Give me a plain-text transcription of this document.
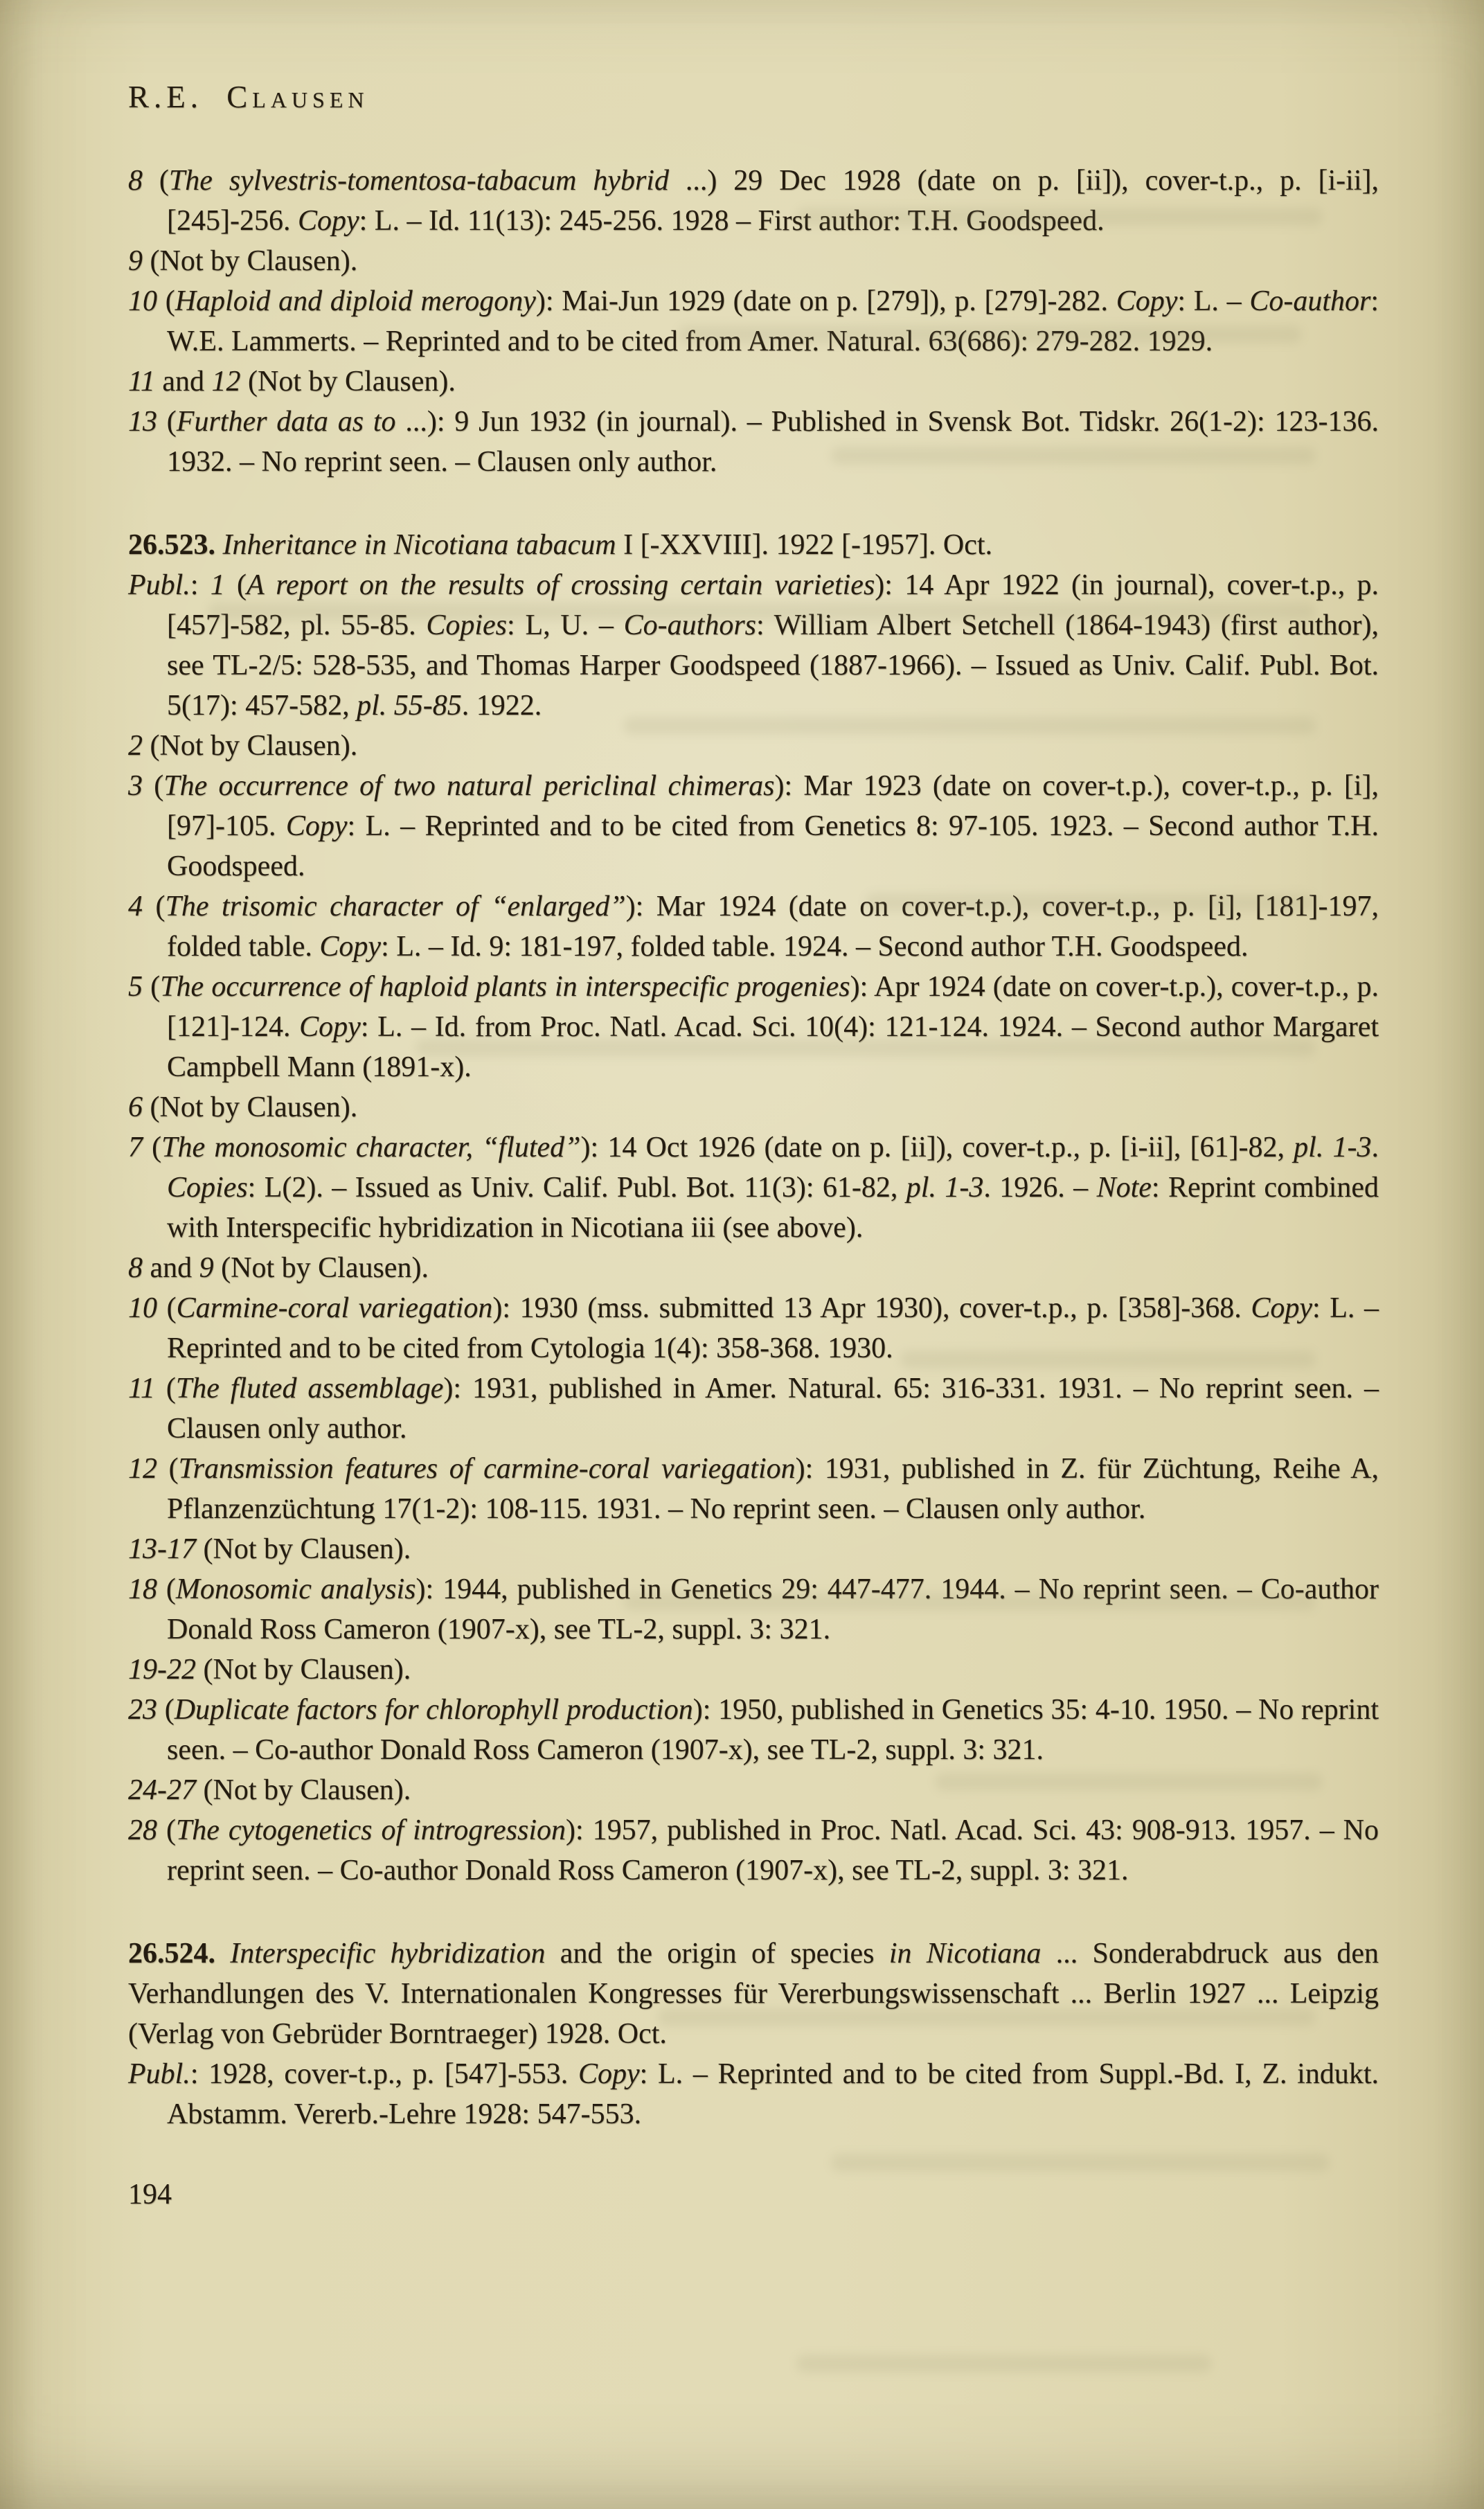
R.E. Clausen

8 (The sylvestris-tomentosa-tabacum hybrid ...) 29 Dec 1928 (date on p. [ii]), cover-t.p., p. [i-ii], [245]-256. Copy: L. – Id. 11(13): 245-256. 1928 – First author: T.H. Goodspeed.

9 (Not by Clausen).

10 (Haploid and diploid merogony): Mai-Jun 1929 (date on p. [279]), p. [279]-282. Copy: L. – Co-author: W.E. Lammerts. – Reprinted and to be cited from Amer. Natural. 63(686): 279-282. 1929.

11 and 12 (Not by Clausen).

13 (Further data as to ...): 9 Jun 1932 (in journal). – Published in Svensk Bot. Tidskr. 26(1-2): 123-136. 1932. – No reprint seen. – Clausen only author.

26.523. Inheritance in Nicotiana tabacum I [-XXVIII]. 1922 [-1957]. Oct.

Publ.: 1 (A report on the results of crossing certain varieties): 14 Apr 1922 (in journal), cover-t.p., p. [457]-582, pl. 55-85. Copies: L, U. – Co-authors: William Albert Setchell (1864-1943) (first author), see TL-2/5: 528-535, and Thomas Harper Goodspeed (1887-1966). – Issued as Univ. Calif. Publ. Bot. 5(17): 457-582, pl. 55-85. 1922.

2 (Not by Clausen).

3 (The occurrence of two natural periclinal chimeras): Mar 1923 (date on cover-t.p.), cover-t.p., p. [i], [97]-105. Copy: L. – Reprinted and to be cited from Genetics 8: 97-105. 1923. – Second author T.H. Goodspeed.

4 (The trisomic character of “enlarged”): Mar 1924 (date on cover-t.p.), cover-t.p., p. [i], [181]-197, folded table. Copy: L. – Id. 9: 181-197, folded table. 1924. – Second author T.H. Goodspeed.

5 (The occurrence of haploid plants in interspecific progenies): Apr 1924 (date on cover-t.p.), cover-t.p., p. [121]-124. Copy: L. – Id. from Proc. Natl. Acad. Sci. 10(4): 121-124. 1924. – Second author Margaret Campbell Mann (1891-x).

6 (Not by Clausen).

7 (The monosomic character, “fluted”): 14 Oct 1926 (date on p. [ii]), cover-t.p., p. [i-ii], [61]-82, pl. 1-3. Copies: L(2). – Issued as Univ. Calif. Publ. Bot. 11(3): 61-82, pl. 1-3. 1926. – Note: Reprint combined with Interspecific hybridization in Nicotiana iii (see above).

8 and 9 (Not by Clausen).

10 (Carmine-coral variegation): 1930 (mss. submitted 13 Apr 1930), cover-t.p., p. [358]-368. Copy: L. – Reprinted and to be cited from Cytologia 1(4): 358-368. 1930.

11 (The fluted assemblage): 1931, published in Amer. Natural. 65: 316-331. 1931. – No reprint seen. – Clausen only author.

12 (Transmission features of carmine-coral variegation): 1931, published in Z. für Züchtung, Reihe A, Pflanzenzüchtung 17(1-2): 108-115. 1931. – No reprint seen. – Clausen only author.

13-17 (Not by Clausen).

18 (Monosomic analysis): 1944, published in Genetics 29: 447-477. 1944. – No reprint seen. – Co-author Donald Ross Cameron (1907-x), see TL-2, suppl. 3: 321.

19-22 (Not by Clausen).

23 (Duplicate factors for chlorophyll production): 1950, published in Genetics 35: 4-10. 1950. – No reprint seen. – Co-author Donald Ross Cameron (1907-x), see TL-2, suppl. 3: 321.

24-27 (Not by Clausen).

28 (The cytogenetics of introgression): 1957, published in Proc. Natl. Acad. Sci. 43: 908-913. 1957. – No reprint seen. – Co-author Donald Ross Cameron (1907-x), see TL-2, suppl. 3: 321.

26.524. Interspecific hybridization and the origin of species in Nicotiana ... Sonderabdruck aus den Verhandlungen des V. Internationalen Kongresses für Vererbungswissenschaft ... Berlin 1927 ... Leipzig (Verlag von Gebrüder Borntraeger) 1928. Oct.

Publ.: 1928, cover-t.p., p. [547]-553. Copy: L. – Reprinted and to be cited from Suppl.-Bd. I, Z. indukt. Abstamm. Vererb.-Lehre 1928: 547-553.

194
